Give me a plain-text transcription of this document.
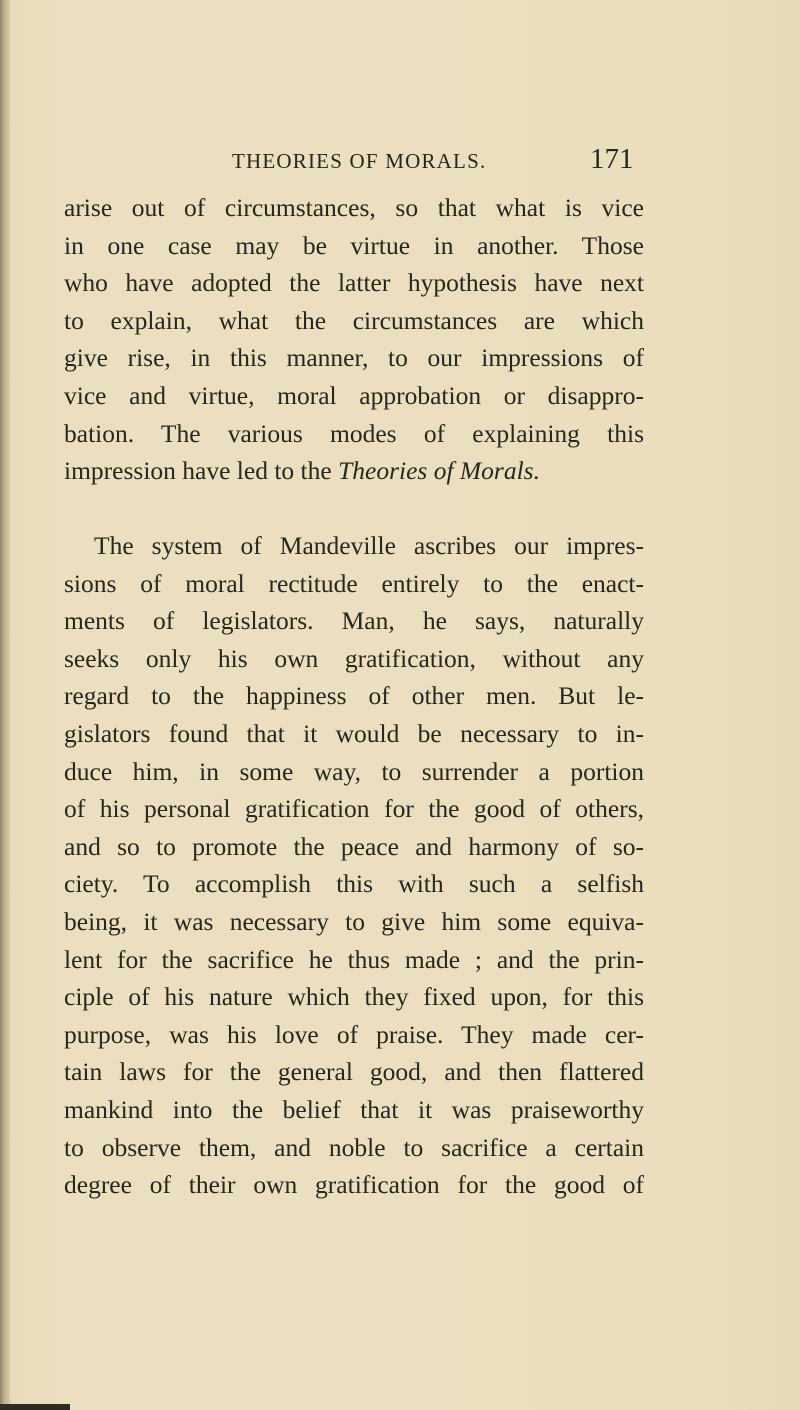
THEORIES OF MORALS.	171
arise out of circumstances, so that what is vice
in one case may be virtue in another. Those
who have adopted the latter hypothesis have next
to explain, what the circumstances are which
give rise, in this manner, to our impressions of
vice and virtue, moral approbation or disappro-
bation. The various modes of explaining this
impression have led to the Theories of Morals.
The system of Mandeville ascribes our impres-
sions of moral rectitude entirely to the enact-
ments of legislators. Man, he says, naturally
seeks only his own gratification, without any
regard to the happiness of other men. But le-
gislators found that it would be necessary to in-
duce him, in some way, to surrender a portion
of his personal gratification for the good of others,
and so to promote the peace and harmony of so-
ciety. To accomplish this with such a selfish
being, it was necessary to give him some equiva-
lent for the sacrifice he thus made ; and the prin-
ciple of his nature which they fixed upon, for this
purpose, was his love of praise. They made cer-
tain laws for the general good, and then flattered
mankind into the belief that it was praiseworthy
to observe them, and noble to sacrifice a certain
degree of their own gratification for the good of
